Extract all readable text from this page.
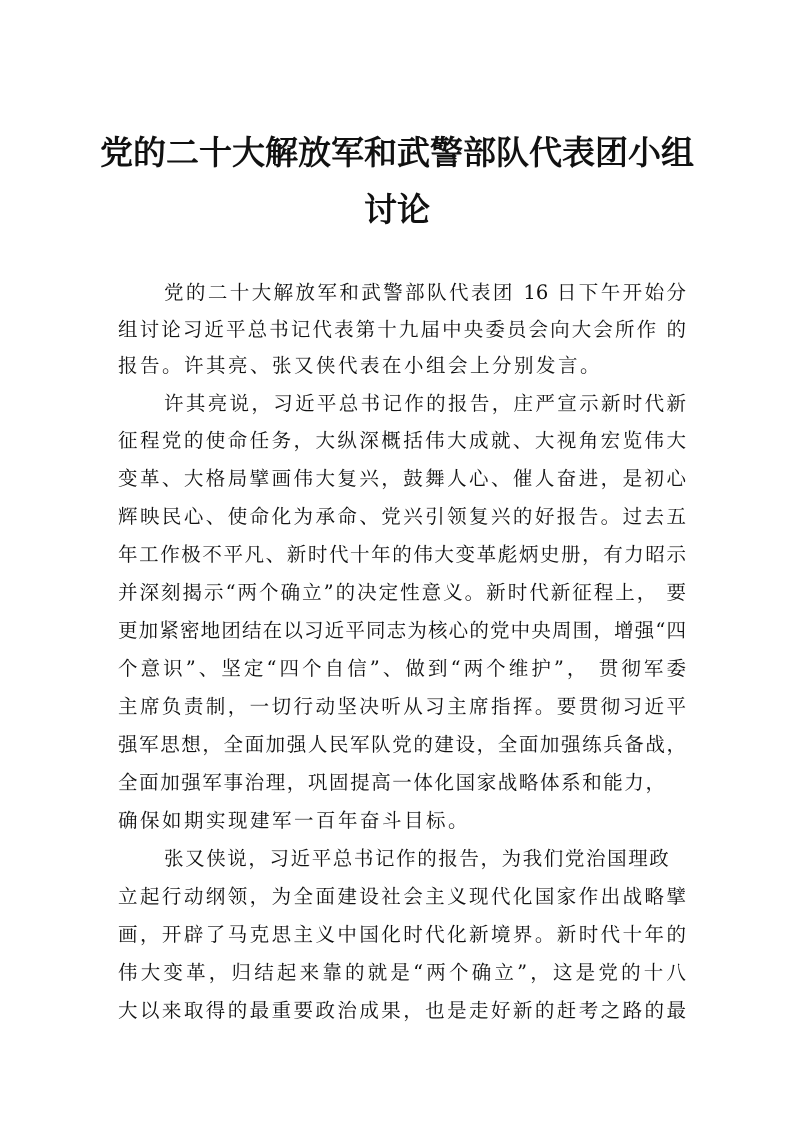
党的二十大解放军和武警部队代表团小组
讨论
党的二十大解放军和武警部队代表团 16 日下午开始分
组讨论习近平总书记代表第十九届中央委员会向大会所作 的
报告。许其亮、张又侠代表在小组会上分别发言。
许其亮说，习近平总书记作的报告，庄严宣示新时代新
征程党的使命任务，大纵深概括伟大成就、大视角宏览伟大
变革、大格局擘画伟大复兴，鼓舞人心、催人奋进，是初心
辉映民心、使命化为承命、党兴引领复兴的好报告。过去五
年工作极不平凡、新时代十年的伟大变革彪炳史册，有力昭示
并深刻揭示“两个确立”的决定性意义。新时代新征程上， 要
更加紧密地团结在以习近平同志为核心的党中央周围，增强“四
个意识”、坚定“四个自信”、做到“两个维护”， 贯彻军委
主席负责制，一切行动坚决听从习主席指挥。要贯彻习近平
强军思想，全面加强人民军队党的建设，全面加强练兵备战，
全面加强军事治理，巩固提高一体化国家战略体系和能力，
确保如期实现建军一百年奋斗目标。
张又侠说，习近平总书记作的报告，为我们党治国理政
立起行动纲领，为全面建设社会主义现代化国家作出战略擘
画，开辟了马克思主义中国化时代化新境界。新时代十年的
伟大变革，归结起来靠的就是“两个确立”，这是党的十八
大以来取得的最重要政治成果，也是走好新的赶考之路的最
